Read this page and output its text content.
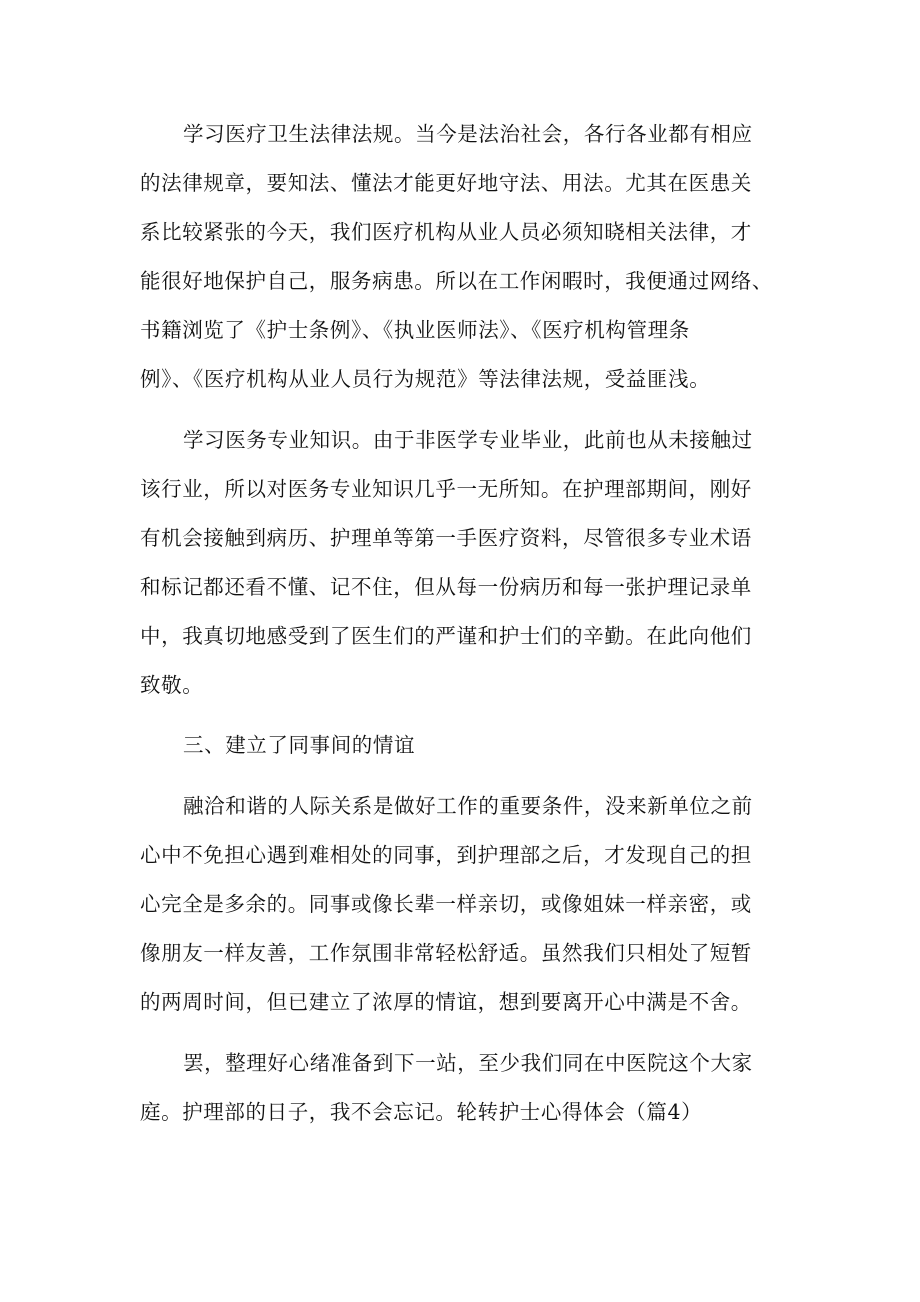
学习医疗卫生法律法规。当今是法治社会，各行各业都有相应
的法律规章，要知法、懂法才能更好地守法、用法。尤其在医患关
系比较紧张的今天，我们医疗机构从业人员必须知晓相关法律，才
能很好地保护自己，服务病患。所以在工作闲暇时，我便通过网络、
书籍浏览了《护士条例》、《执业医师法》、《医疗机构管理条
例》、《医疗机构从业人员行为规范》等法律法规，受益匪浅。

学习医务专业知识。由于非医学专业毕业，此前也从未接触过
该行业，所以对医务专业知识几乎一无所知。在护理部期间，刚好
有机会接触到病历、护理单等第一手医疗资料，尽管很多专业术语
和标记都还看不懂、记不住，但从每一份病历和每一张护理记录单
中，我真切地感受到了医生们的严谨和护士们的辛勤。在此向他们
致敬。

三、建立了同事间的情谊

融洽和谐的人际关系是做好工作的重要条件，没来新单位之前
心中不免担心遇到难相处的同事，到护理部之后，才发现自己的担
心完全是多余的。同事或像长辈一样亲切，或像姐妹一样亲密，或
像朋友一样友善，工作氛围非常轻松舒适。虽然我们只相处了短暂
的两周时间，但已建立了浓厚的情谊，想到要离开心中满是不舍。

罢，整理好心绪准备到下一站，至少我们同在中医院这个大家
庭。护理部的日子，我不会忘记。轮转护士心得体会（篇4）
